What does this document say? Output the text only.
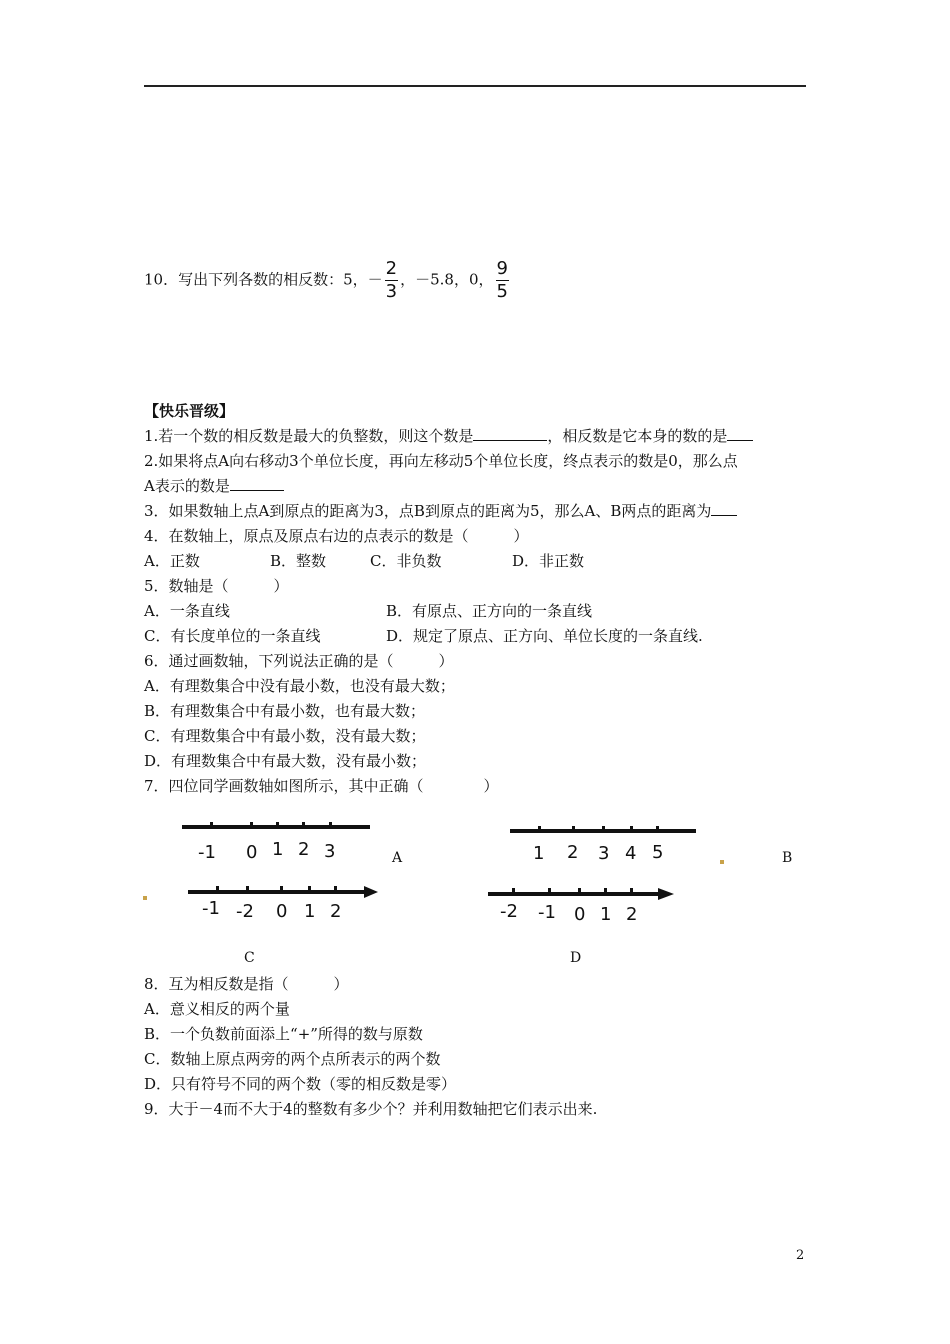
10．写出下列各数的相反数：5，－ $\frac{2}{3}$ ，－5.8，0， $\frac{9}{5}$
【快乐晋级】
1.若一个数的相反数是最大的负整数，则这个数是	，相反数是它本身的数的是
2.如果将点A向右移动3个单位长度，再向左移动5个单位长度，终点表示的数是0，那么点
A表示的数是
3．如果数轴上点A到原点的距离为3，点B到原点的距离为5，那么A、B两点的距离为
4．在数轴上，原点及原点右边的点表示的数是（　　　）
A．正数	B．整数	C．非负数	D．非正数
5．数轴是（　　　）
A．一条直线	B．有原点、正方向的一条直线
C．有长度单位的一条直线	D．规定了原点、正方向、单位长度的一条直线.
6．通过画数轴，下列说法正确的是（　　　）
A．有理数集合中没有最小数，也没有最大数；
B．有理数集合中有最小数，也有最大数；
C．有理数集合中有最小数，没有最大数；
D．有理数集合中有最大数，没有最小数；
7．四位同学画数轴如图所示，其中正确（　　　　）
-1 0 1 2 3	A	1 2 3 4 5	B
-1 -2 0 1 2
C
-2 -1 0 1 2
D
8．互为相反数是指（　　　）
A．意义相反的两个量
B．一个负数前面添上“+”所得的数与原数
C．数轴上原点两旁的两个点所表示的两个数
D．只有符号不同的两个数（零的相反数是零）
9．大于－4而不大于4的整数有多少个？并利用数轴把它们表示出来.
2
